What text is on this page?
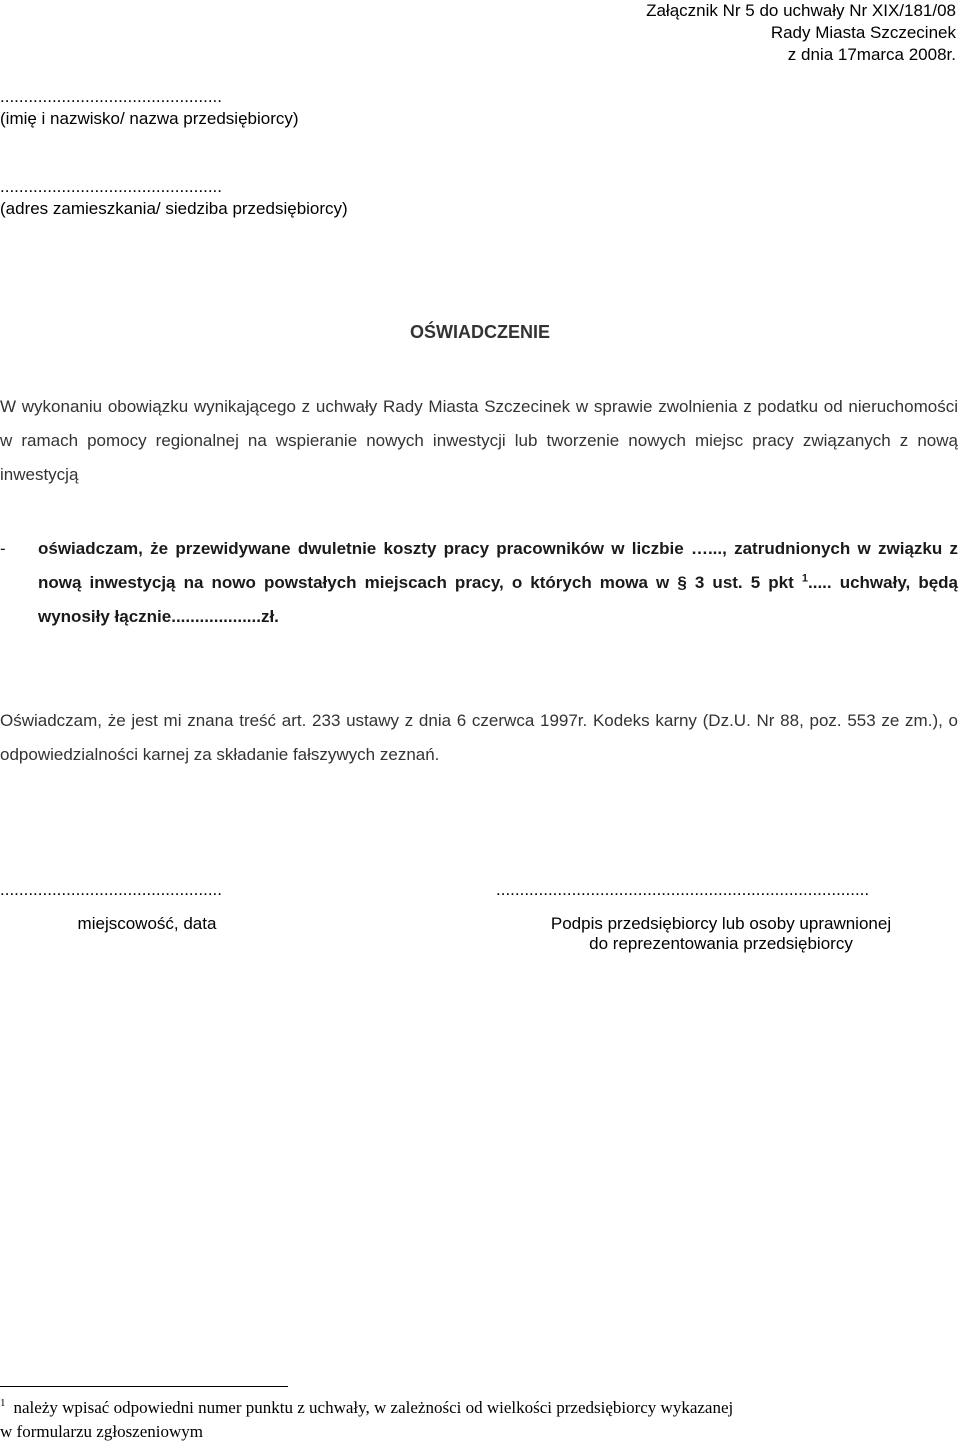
Załącznik Nr 5 do uchwały Nr XIX/181/08
Rady Miasta Szczecinek
z dnia 17marca 2008r.
...............................................
(imię i nazwisko/ nazwa przedsiębiorcy)
...............................................
(adres zamieszkania/ siedziba przedsiębiorcy)
OŚWIADCZENIE
W wykonaniu obowiązku wynikającego z uchwały Rady Miasta Szczecinek w sprawie zwolnienia z podatku od nieruchomości w ramach pomocy regionalnej na wspieranie nowych inwestycji lub tworzenie nowych miejsc pracy związanych z nową inwestycją
- oświadczam, że przewidywane dwuletnie koszty pracy pracowników w liczbie …..., zatrudnionych w związku z nową inwestycją na nowo powstałych miejscach pracy, o których mowa w § 3 ust. 5 pkt $^1$..... uchwały, będą wynosiły łącznie...................zł.
Oświadczam, że jest mi znana treść art. 233 ustawy z dnia 6 czerwca 1997r. Kodeks karny (Dz.U. Nr 88, poz. 553 ze zm.), o odpowiedzialności karnej za składanie fałszywych zeznań.
...............................................
miejscowość, data
...............................................................................
Podpis przedsiębiorcy lub osoby uprawnionej
do reprezentowania przedsiębiorcy
$^1$ należy wpisać odpowiedni numer punktu z uchwały, w zależności od wielkości przedsiębiorcy wykazanej
w formularzu zgłoszeniowym
